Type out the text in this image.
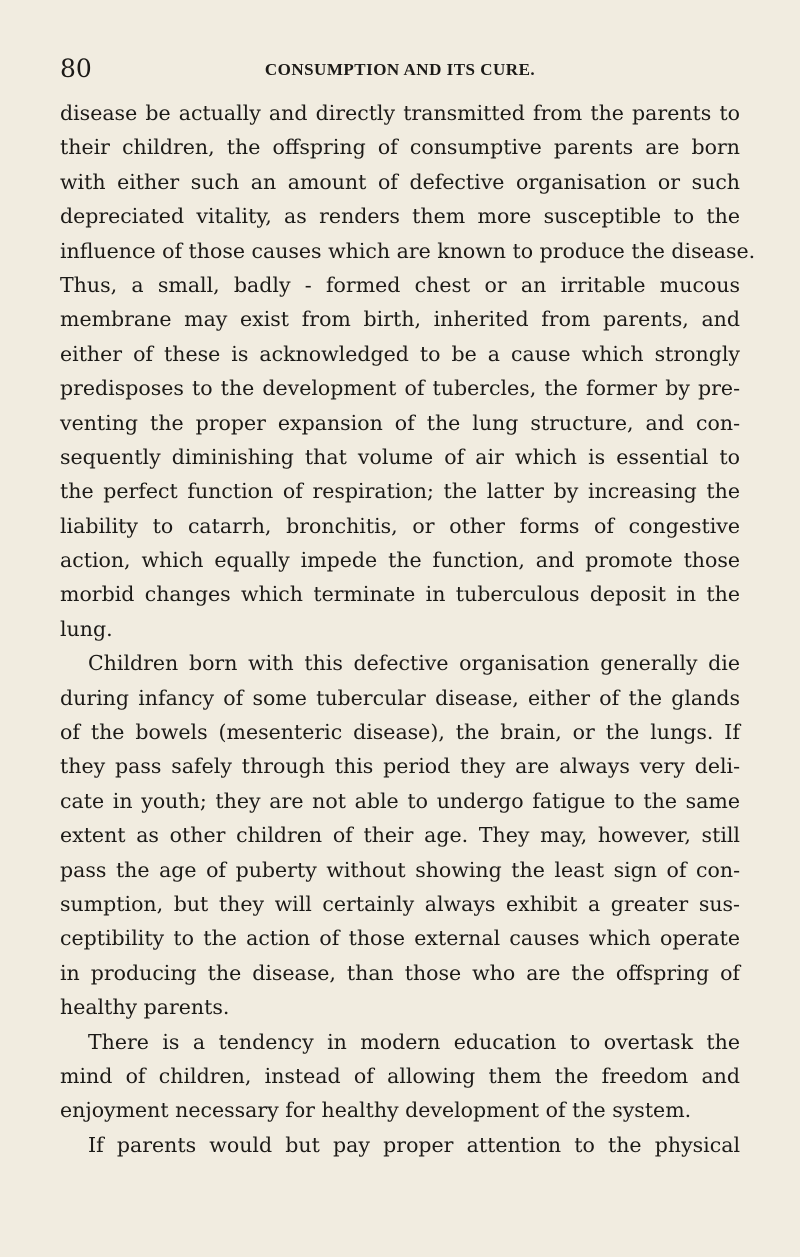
80	CONSUMPTION AND ITS CURE.
disease be actually and directly transmitted from the parents to
their children, the offspring of consumptive parents are born
with either such an amount of defective organisation or such
depreciated vitality, as renders them more susceptible to the
influence of those causes which are known to produce the disease.
Thus, a small, badly - formed chest or an irritable mucous
membrane may exist from birth, inherited from parents, and
either of these is acknowledged to be a cause which strongly
predisposes to the development of tubercles, the former by pre-
venting the proper expansion of the lung structure, and con-
sequently diminishing that volume of air which is essential to
the perfect function of respiration; the latter by increasing the
liability to catarrh, bronchitis, or other forms of congestive
action, which equally impede the function, and promote those
morbid changes which terminate in tuberculous deposit in the
lung.
Children born with this defective organisation generally die
during infancy of some tubercular disease, either of the glands
of the bowels (mesenteric disease), the brain, or the lungs. If
they pass safely through this period they are always very deli-
cate in youth; they are not able to undergo fatigue to the same
extent as other children of their age. They may, however, still
pass the age of puberty without showing the least sign of con-
sumption, but they will certainly always exhibit a greater sus-
ceptibility to the action of those external causes which operate
in producing the disease, than those who are the offspring of
healthy parents.
There is a tendency in modern education to overtask the
mind of children, instead of allowing them the freedom and
enjoyment necessary for healthy development of the system.
If parents would but pay proper attention to the physical
